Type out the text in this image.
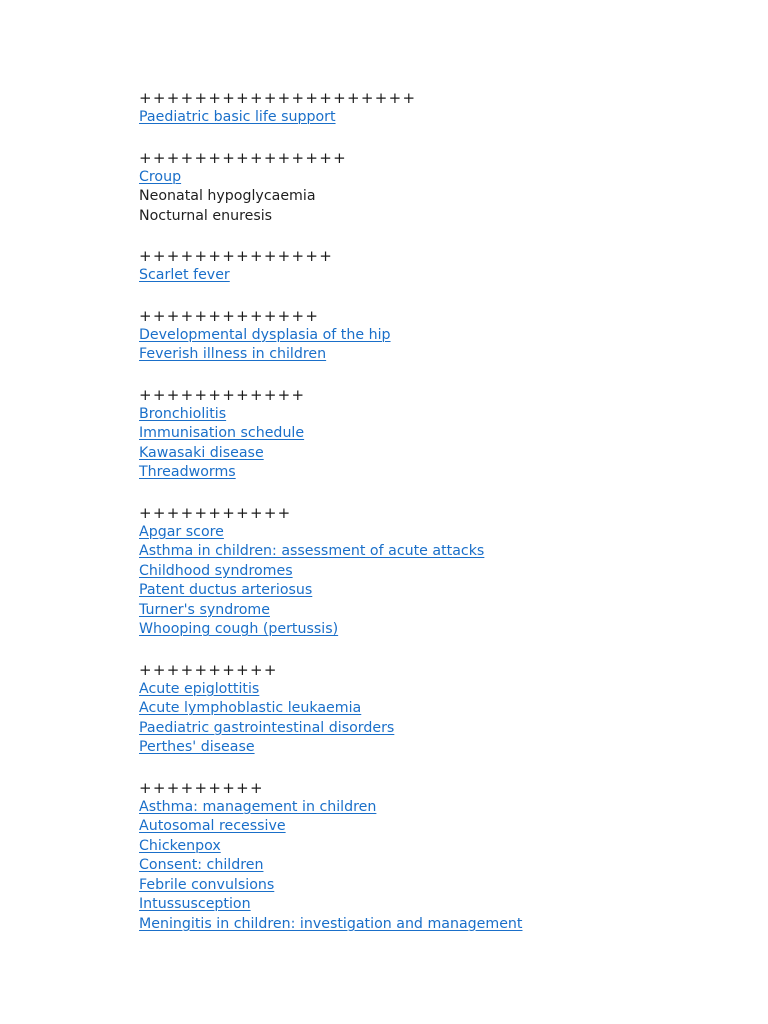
++++++++++++++++++++
Paediatric basic life support
+++++++++++++++
Croup
Neonatal hypoglycaemia
Nocturnal enuresis
++++++++++++++
Scarlet fever
+++++++++++++
Developmental dysplasia of the hip
Feverish illness in children
++++++++++++
Bronchiolitis
Immunisation schedule
Kawasaki disease
Threadworms
+++++++++++
Apgar score
Asthma in children: assessment of acute attacks
Childhood syndromes
Patent ductus arteriosus
Turner's syndrome
Whooping cough (pertussis)
++++++++++
Acute epiglottitis
Acute lymphoblastic leukaemia
Paediatric gastrointestinal disorders
Perthes' disease
+++++++++
Asthma: management in children
Autosomal recessive
Chickenpox
Consent: children
Febrile convulsions
Intussusception
Meningitis in children: investigation and management
